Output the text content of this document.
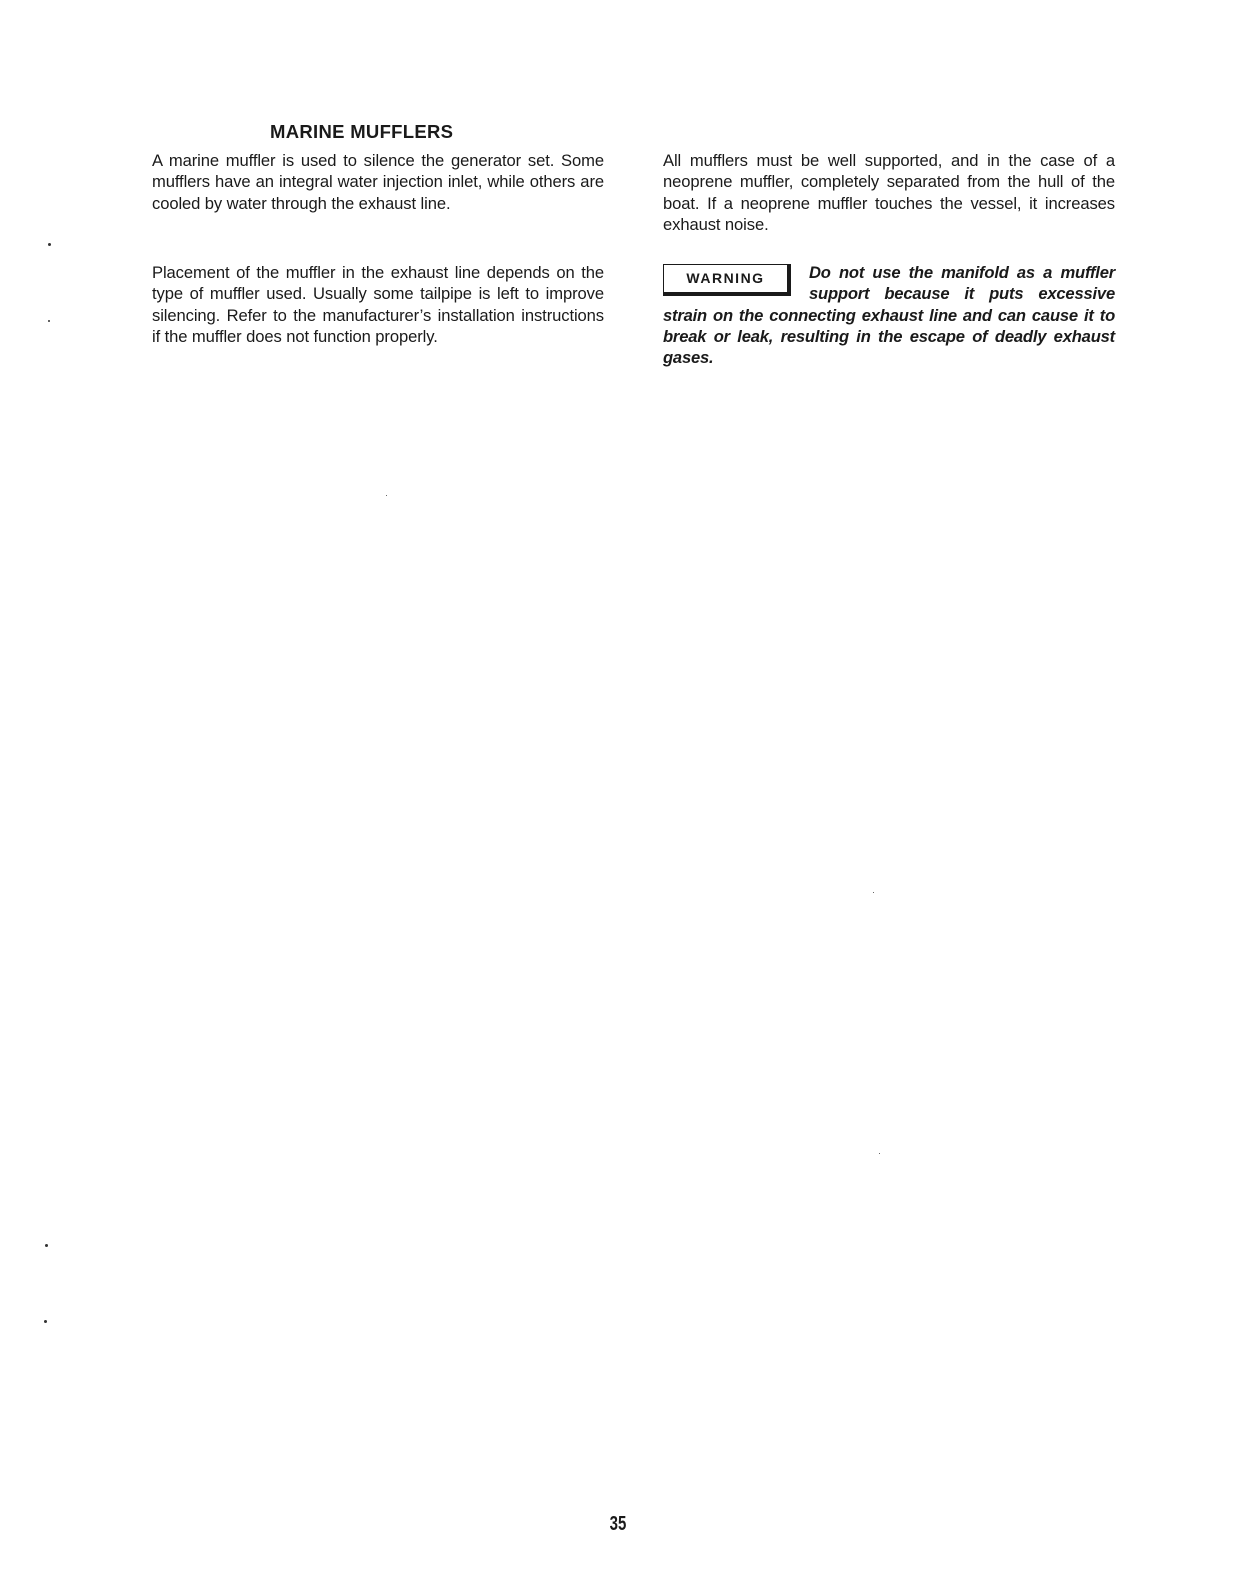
MARINE MUFFLERS

A marine muffler is used to silence the generator set. Some mufflers have an integral water injection inlet, while others are cooled by water through the exhaust line.

Placement of the muffler in the exhaust line depends on the type of muffler used. Usually some tailpipe is left to improve silencing. Refer to the manufacturer’s installation instructions if the muffler does not function properly.

All mufflers must be well supported, and in the case of a neoprene muffler, completely separated from the hull of the boat. If a neoprene muffler touches the vessel, it increases exhaust noise.

WARNING	Do not use the manifold as a muffler support because it puts excessive strain on the connecting exhaust line and can cause it to break or leak, resulting in the escape of deadly exhaust gases.
35
